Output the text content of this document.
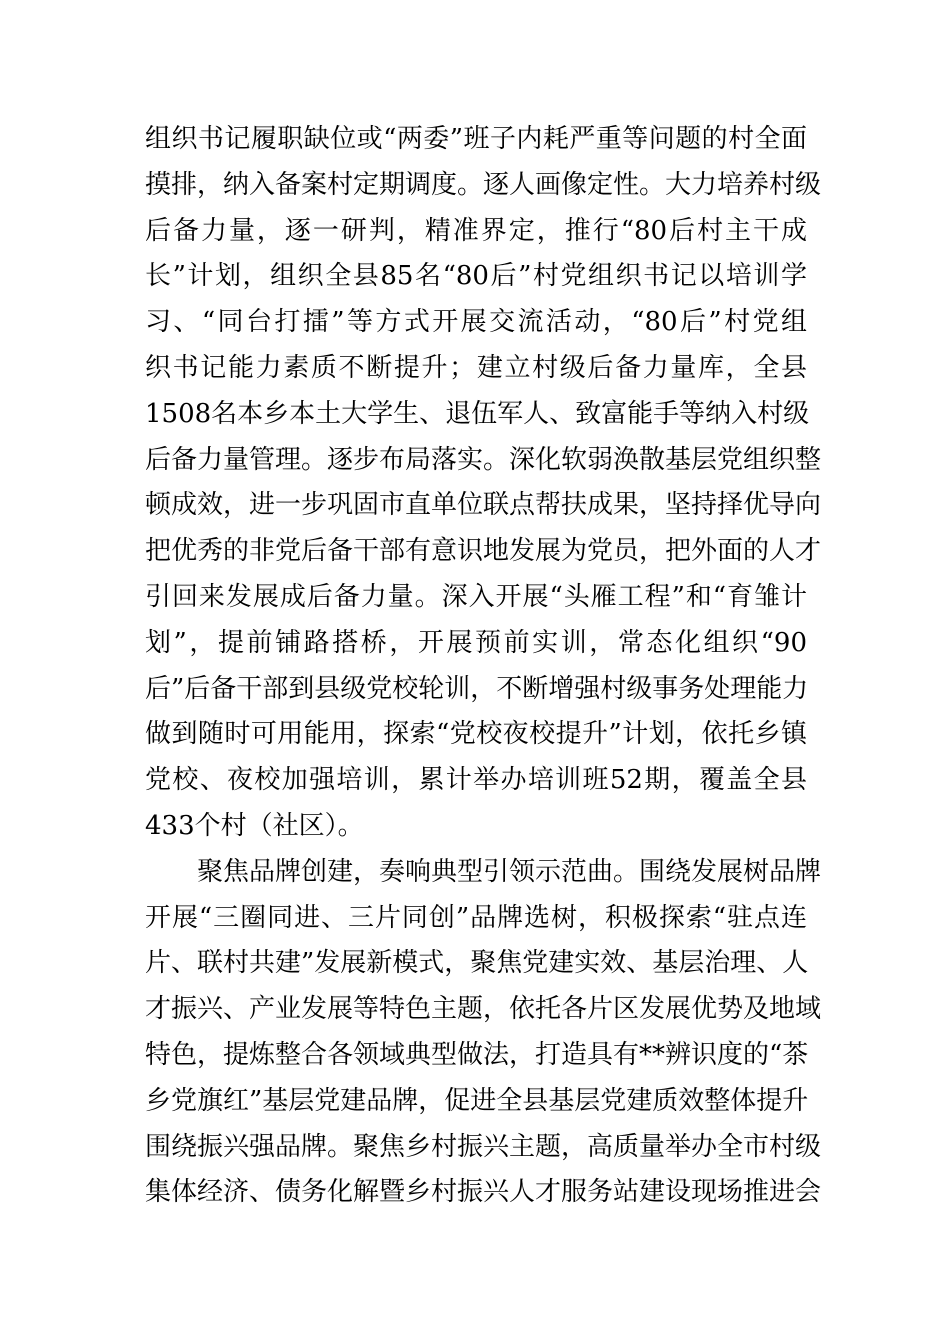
组织书记履职缺位或“两委”班子内耗严重等问题的村全面
摸排，纳入备案村定期调度。逐人画像定性。大力培养村级
后备力量，逐一研判，精准界定，推行“80后村主干成
长”计划，组织全县85名“80后”村党组织书记以培训学
习、“同台打擂”等方式开展交流活动，“80后”村党组
织书记能力素质不断提升；建立村级后备力量库，全县
1508名本乡本土大学生、退伍军人、致富能手等纳入村级
后备力量管理。逐步布局落实。深化软弱涣散基层党组织整
顿成效，进一步巩固市直单位联点帮扶成果，坚持择优导向
把优秀的非党后备干部有意识地发展为党员，把外面的人才
引回来发展成后备力量。深入开展“头雁工程”和“育雏计
划”，提前铺路搭桥，开展预前实训，常态化组织“90
后”后备干部到县级党校轮训，不断增强村级事务处理能力
做到随时可用能用，探索“党校夜校提升”计划，依托乡镇
党校、夜校加强培训，累计举办培训班52期，覆盖全县
433个村（社区）。
聚焦品牌创建，奏响典型引领示范曲。围绕发展树品牌
开展“三圈同进、三片同创”品牌选树，积极探索“驻点连
片、联村共建”发展新模式，聚焦党建实效、基层治理、人
才振兴、产业发展等特色主题，依托各片区发展优势及地域
特色，提炼整合各领域典型做法，打造具有**辨识度的“茶
乡党旗红”基层党建品牌，促进全县基层党建质效整体提升
围绕振兴强品牌。聚焦乡村振兴主题，高质量举办全市村级
集体经济、债务化解暨乡村振兴人才服务站建设现场推进会
